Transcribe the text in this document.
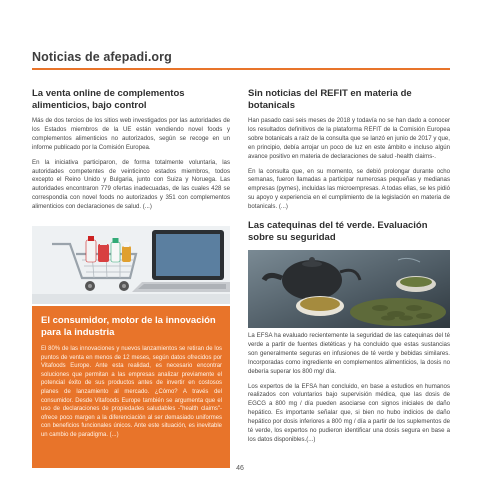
Noticias de afepadi.org
La venta online de complementos alimenticios, bajo control

Más de dos tercios de los sitios web investigados por las autoridades de los Estados miembros de la UE están vendiendo novel foods y complementos alimenticios no autorizados, según se recoge en un informe publicado por la Comisión Europea.

En la iniciativa participaron, de forma totalmente voluntaria, las autoridades competentes de veinticinco estados miembros, todos excepto el Reino Unido y Bulgaria, junto con Suiza y Noruega. Las autoridades encontraron 779 ofertas inadecuadas, de las cuales 428 se correspondía con novel foods no autorizados y 351 con complementos alimenticios con declaraciones de salud. (...)

El consumidor, motor de la innovación para la industria

El 80% de las innovaciones y nuevos lanzamientos se retiran de los puntos de venta en menos de 12 meses, según datos ofrecidos por Vitafoods Europe. Ante esta realidad, es necesario encontrar soluciones que permitan a las empresas analizar previamente el potencial éxito de sus productos antes de invertir en costosos planes de lanzamiento al mercado. ¿Cómo? A través del consumidor. Desde Vitafoods Europe también se argumenta que el uso de declaraciones de propiedades saludables -"health claims"- ofrece poco margen a la diferenciación al ser demasiado uniformes con beneficios funcionales únicos. Ante este situación, es inevitable un cambio de paradigma. (...)

Sin noticias del REFIT en materia de botanicals

Han pasado casi seis meses de 2018 y todavía no se han dado a conocer los resultados definitivos de la plataforma REFIT de la Comisión Europea sobre botanicals a raíz de la consulta que se lanzó en junio de 2017 y que, en principio, debía arrojar un poco de luz en este ámbito e incluso algún avance positivo en materia de declaraciones de salud -health claims-.

En la consulta que, en su momento, se debió prolongar durante ocho semanas, fueron llamadas a participar numerosas pequeñas y medianas empresas (pymes), incluidas las microempresas. A todas ellas, se les pidió su apoyo y experiencia en el cumplimiento de la legislación en materia de botanicals. (...)

Las catequinas del té verde. Evaluación sobre su seguridad

La EFSA ha evaluado recientemente la seguridad de las catequinas del té verde a partir de fuentes dietéticas y ha concluido que estas sustancias son generalmente seguras en infusiones de té verde y bebidas similares. Incorporadas como ingrediente en complementos alimenticios, la dosis no debería superar los 800 mg/ día.

Los expertos de la EFSA han concluido, en base a estudios en humanos realizados con voluntarios bajo supervisión médica, que las dosis de EGCG a 800 mg / día pueden asociarse con signos iniciales de daño hepático. Es importante señalar que, si bien no hubo indicios de daño hepático por dosis inferiores a 800 mg / día a partir de los suplementos de té verde, los expertos no pudieron identificar una dosis segura en base a los datos disponibles.(...)

46
